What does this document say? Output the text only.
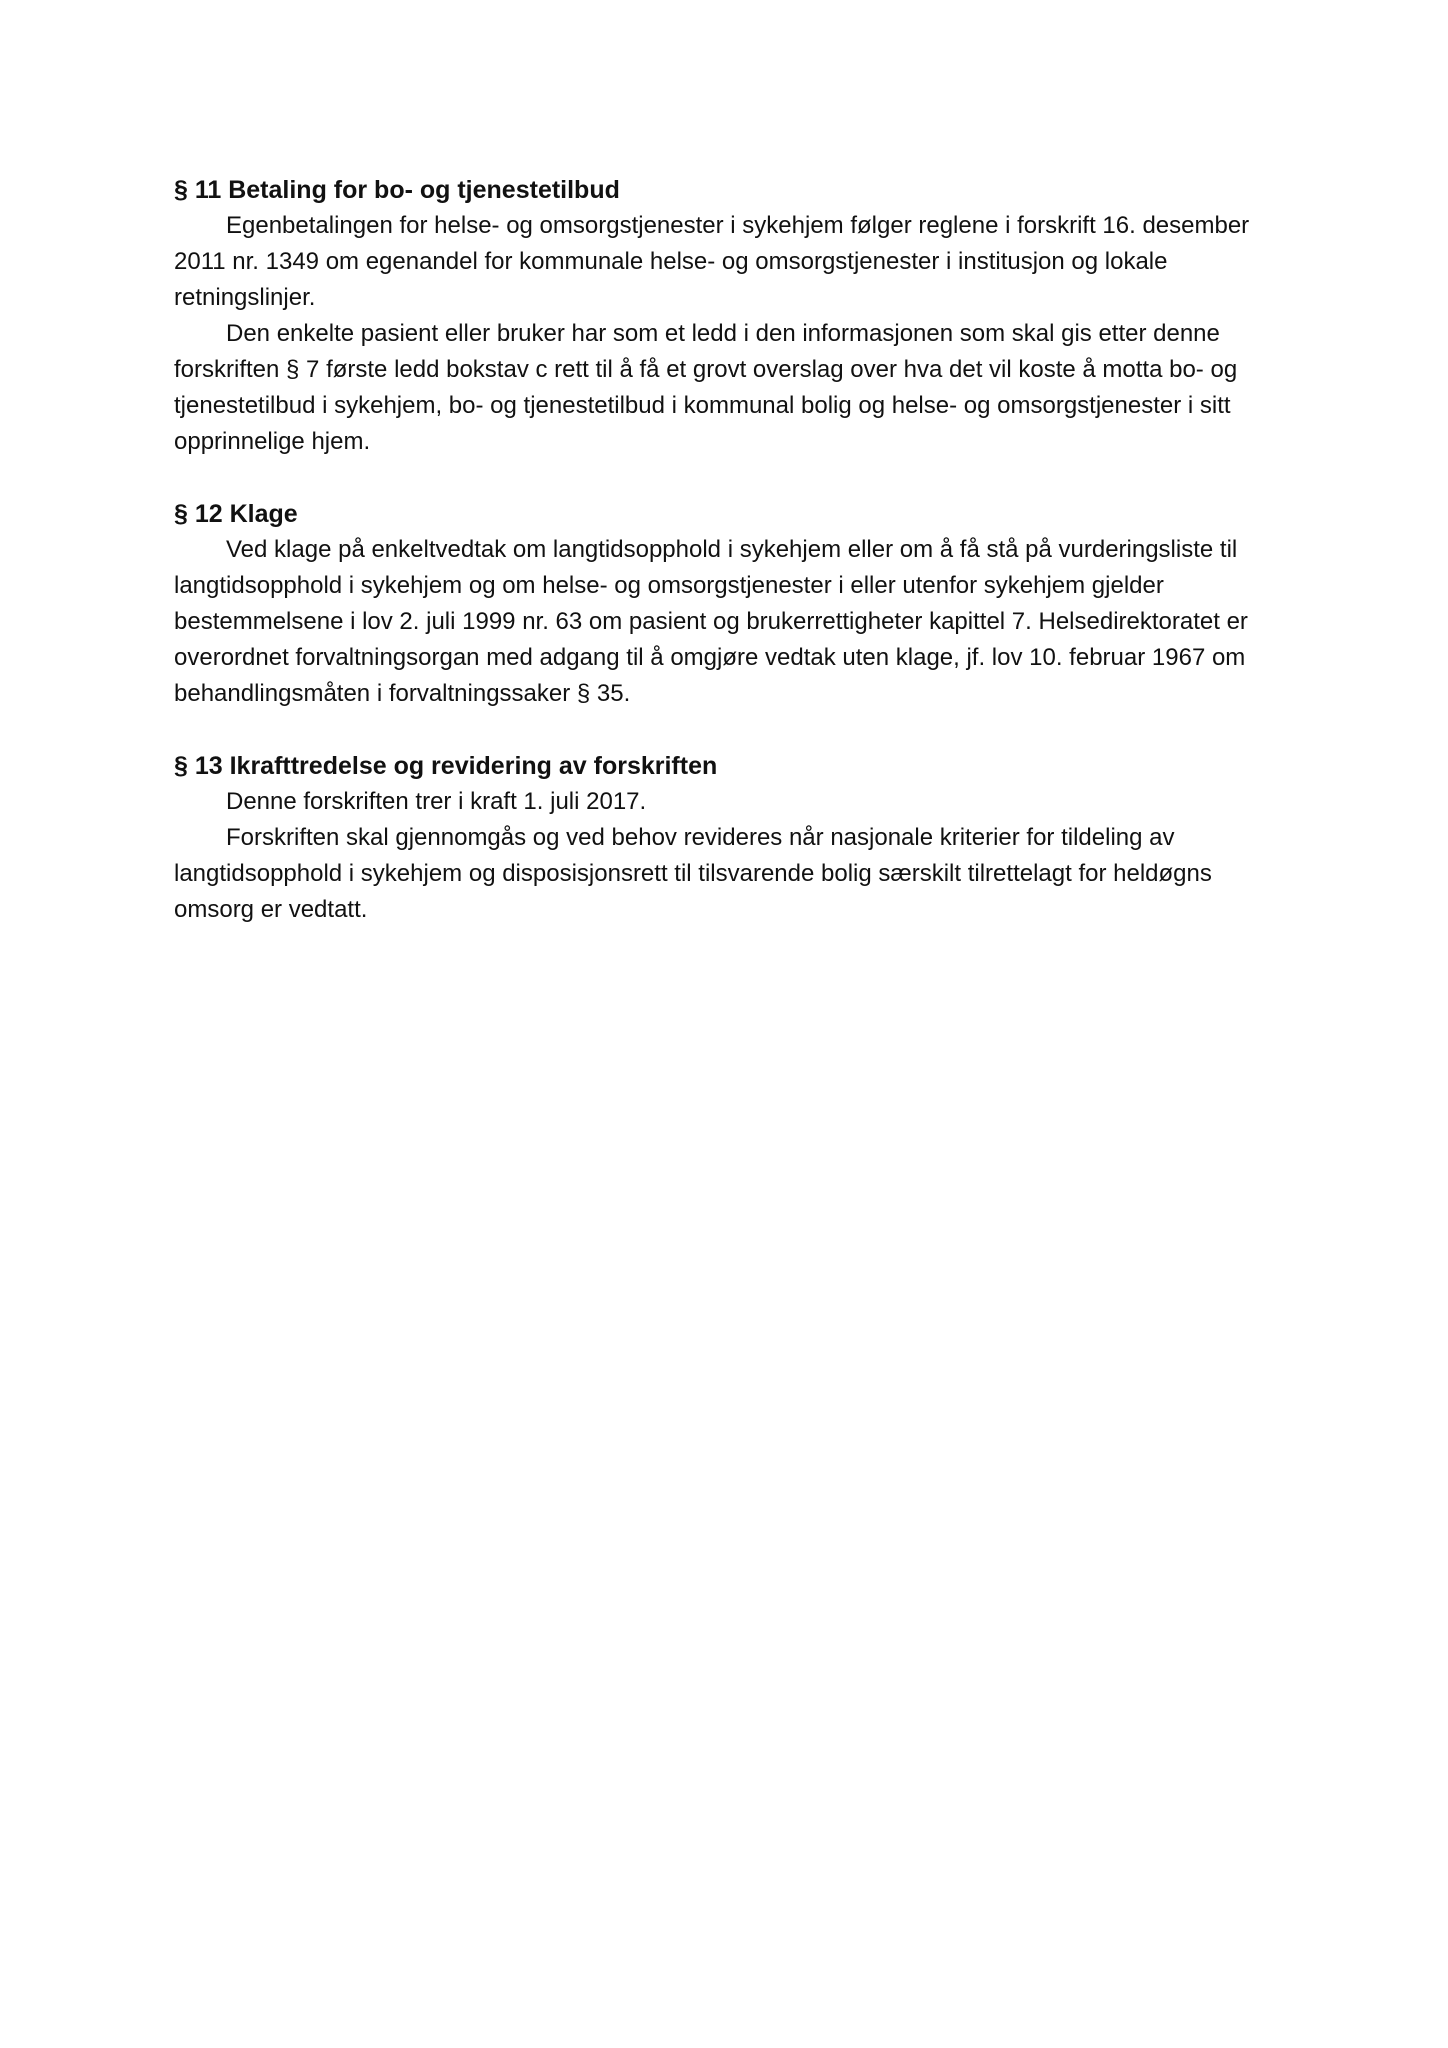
§ 11 Betaling for bo- og tjenestetilbud

Egenbetalingen for helse- og omsorgstjenester i sykehjem følger reglene i forskrift 16. desember 2011 nr. 1349 om egenandel for kommunale helse- og omsorgstjenester i institusjon og lokale retningslinjer.

Den enkelte pasient eller bruker har som et ledd i den informasjonen som skal gis etter denne forskriften § 7 første ledd bokstav c rett til å få et grovt overslag over hva det vil koste å motta bo- og tjenestetilbud i sykehjem, bo- og tjenestetilbud i kommunal bolig og helse- og omsorgstjenester i sitt opprinnelige hjem.

§ 12 Klage

Ved klage på enkeltvedtak om langtidsopphold i sykehjem eller om å få stå på vurderingsliste til langtidsopphold i sykehjem og om helse- og omsorgstjenester i eller utenfor sykehjem gjelder bestemmelsene i lov 2. juli 1999 nr. 63 om pasient og brukerrettigheter kapittel 7. Helsedirektoratet er overordnet forvaltningsorgan med adgang til å omgjøre vedtak uten klage, jf. lov 10. februar 1967 om behandlingsmåten i forvaltningssaker § 35.

§ 13 Ikrafttredelse og revidering av forskriften

Denne forskriften trer i kraft 1. juli 2017.

Forskriften skal gjennomgås og ved behov revideres når nasjonale kriterier for tildeling av langtidsopphold i sykehjem og disposisjonsrett til tilsvarende bolig særskilt tilrettelagt for heldøgns omsorg er vedtatt.
